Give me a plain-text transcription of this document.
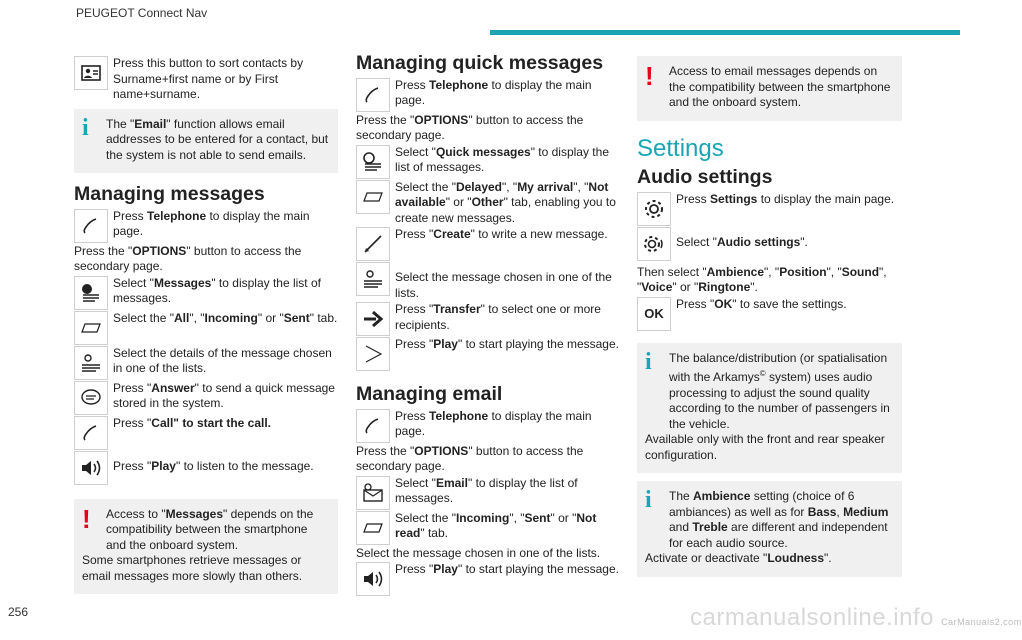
PEUGEOT Connect Nav
Press this button to sort contacts by Surname+first name or by First name+surname.
i	The "Email" function allows email addresses to be entered for a contact, but the system is not able to send emails.
Managing messages
Press Telephone to display the main page.
Press the "OPTIONS" button to access the secondary page.
Select "Messages" to display the list of messages.
Select the "All", "Incoming" or "Sent" tab.
Select the details of the message chosen in one of the lists.
Press "Answer" to send a quick message stored in the system.
Press "Call" to start the call.
Press "Play" to listen to the message.
!	Access to "Messages" depends on the compatibility between the smartphone and the onboard system.
Some smartphones retrieve messages or email messages more slowly than others.
Managing quick messages
Press Telephone to display the main page.
Press the "OPTIONS" button to access the secondary page.
Select "Quick messages" to display the list of messages.
Select the "Delayed", "My arrival", "Not available" or "Other" tab, enabling you to create new messages.
Press "Create" to write a new message.
Select the message chosen in one of the lists.
Press "Transfer" to select one or more recipients.
Press "Play" to start playing the message.
Managing email
Press Telephone to display the main page.
Press the "OPTIONS" button to access the secondary page.
Select "Email" to display the list of messages.
Select the "Incoming", "Sent" or "Not read" tab.
Select the message chosen in one of the lists.
Press "Play" to start playing the message.
!	Access to email messages depends on the compatibility between the smartphone and the onboard system.
Settings
Audio settings
Press Settings to display the main page.
Select "Audio settings".
Then select "Ambience", "Position", "Sound", "Voice" or "Ringtone".
OK
Press "OK" to save the settings.
i	The balance/distribution (or spatialisation with the Arkamys© system) uses audio processing to adjust the sound quality according to the number of passengers in the vehicle.
Available only with the front and rear speaker configuration.
i	The Ambience setting (choice of 6 ambiances) as well as for Bass, Medium and Treble are different and independent for each audio source.
Activate or deactivate "Loudness".
256	carmanualsonline.info CarManuals2.com
